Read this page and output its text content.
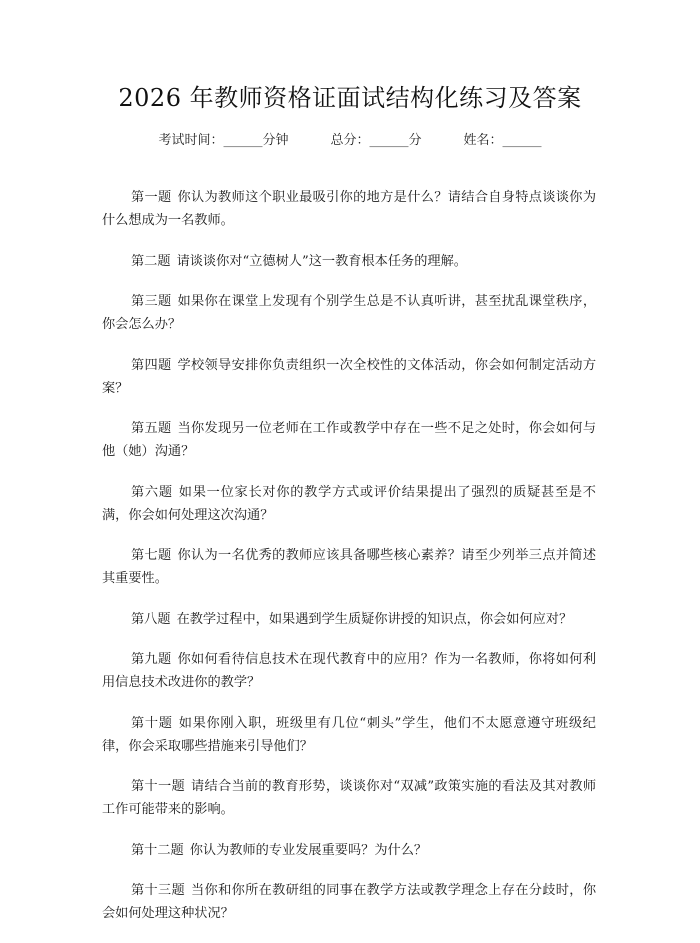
2026 年教师资格证面试结构化练习及答案
考试时间：______分钟	总分：______分	姓名：______

第一题 你认为教师这个职业最吸引你的地方是什么？请结合自身特点谈谈你为什么想成为一名教师。

第二题 请谈谈你对“立德树人”这一教育根本任务的理解。

第三题 如果你在课堂上发现有个别学生总是不认真听讲，甚至扰乱课堂秩序，你会怎么办？

第四题 学校领导安排你负责组织一次全校性的文体活动，你会如何制定活动方案？

第五题 当你发现另一位老师在工作或教学中存在一些不足之处时，你会如何与他（她）沟通？

第六题 如果一位家长对你的教学方式或评价结果提出了强烈的质疑甚至是不满，你会如何处理这次沟通？

第七题 你认为一名优秀的教师应该具备哪些核心素养？请至少列举三点并简述其重要性。

第八题 在教学过程中，如果遇到学生质疑你讲授的知识点，你会如何应对？

第九题 你如何看待信息技术在现代教育中的应用？作为一名教师，你将如何利用信息技术改进你的教学？

第十题 如果你刚入职，班级里有几位“刺头”学生，他们不太愿意遵守班级纪律，你会采取哪些措施来引导他们？

第十一题 请结合当前的教育形势，谈谈你对“双减”政策实施的看法及其对教师工作可能带来的影响。

第十二题 你认为教师的专业发展重要吗？为什么？

第十三题 当你和你所在教研组的同事在教学方法或教学理念上存在分歧时，你会如何处理这种状况？
